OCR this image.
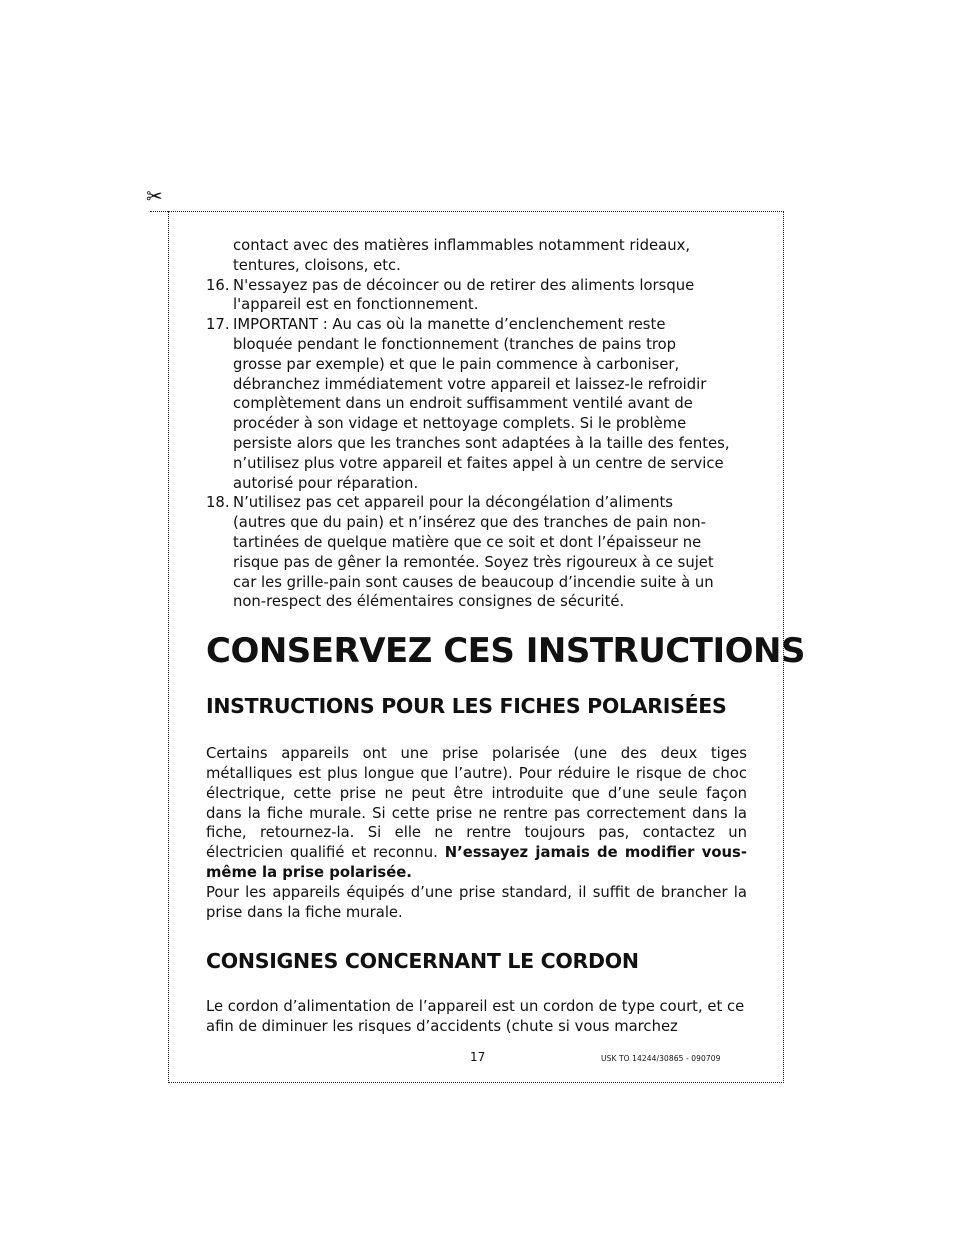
✂
contact avec des matières inflammables notamment rideaux,
tentures, cloisons, etc.
16. N'essayez pas de décoincer ou de retirer des aliments lorsque
l'appareil est en fonctionnement.
17. IMPORTANT : Au cas où la manette d’enclenchement reste
bloquée pendant le fonctionnement (tranches de pains trop
grosse par exemple) et que le pain commence à carboniser,
débranchez immédiatement votre appareil et laissez-le refroidir
complètement dans un endroit suffisamment ventilé avant de
procéder à son vidage et nettoyage complets. Si le problème
persiste alors que les tranches sont adaptées à la taille des fentes,
n’utilisez plus votre appareil et faites appel à un centre de service
autorisé pour réparation.
18. N’utilisez pas cet appareil pour la décongélation d’aliments
(autres que du pain) et n’insérez que des tranches de pain non-
tartinées de quelque matière que ce soit et dont l’épaisseur ne
risque pas de gêner la remontée. Soyez très rigoureux à ce sujet
car les grille-pain sont causes de beaucoup d’incendie suite à un
non-respect des élémentaires consignes de sécurité.
CONSERVEZ CES INSTRUCTIONS
INSTRUCTIONS POUR LES FICHES POLARISÉES

Certains appareils ont une prise polarisée (une des deux tiges métalliques est plus longue que l’autre). Pour réduire le risque de choc électrique, cette prise ne peut être introduite que d’une seule façon dans la fiche murale. Si cette prise ne rentre pas correctement dans la fiche, retournez-la. Si elle ne rentre toujours pas, contactez un électricien qualifié et reconnu. N’essayez jamais de modifier vous-même la prise polarisée.

Pour les appareils équipés d’une prise standard, il suffit de brancher la prise dans la fiche murale.

CONSIGNES CONCERNANT LE CORDON

Le cordon d’alimentation de l’appareil est un cordon de type court, et ce afin de diminuer les risques d’accidents (chute si vous marchez

17	USK TO 14244/30865 - 090709
